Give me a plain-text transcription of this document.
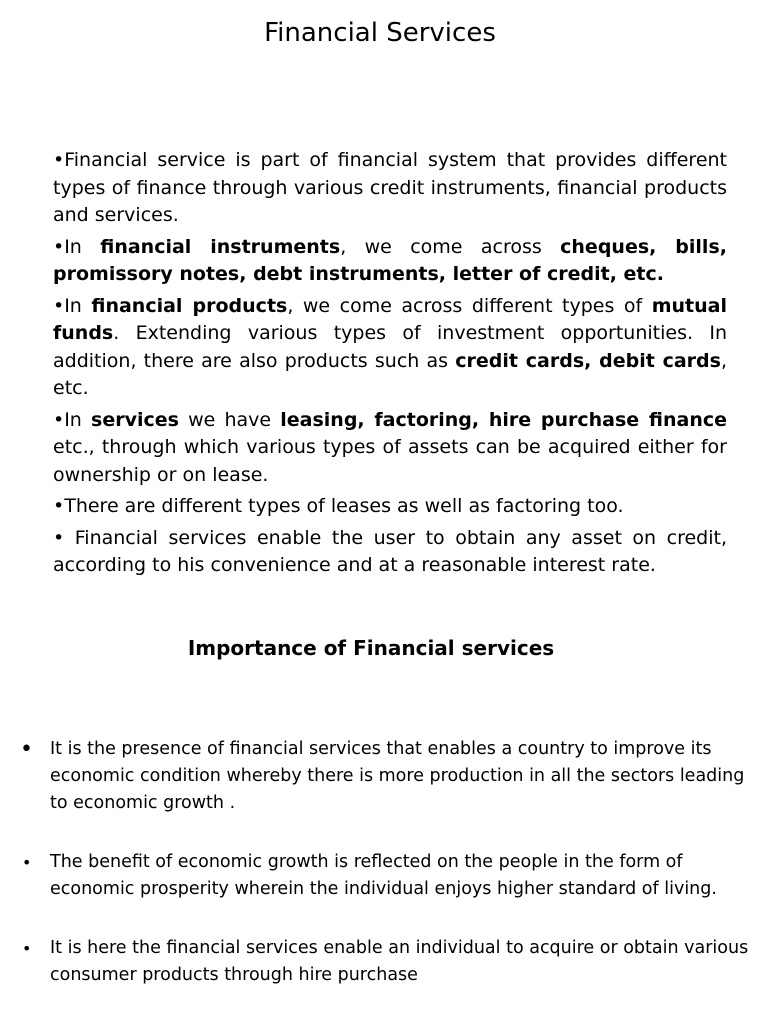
Financial Services

•Financial service is part of financial system that provides different types of finance through various credit instruments, financial products and services.

•In financial instruments, we come across cheques, bills, promissory notes, debt instruments, letter of credit, etc.

•In financial products, we come across different types of mutual funds. Extending various types of investment opportunities. In addition, there are also products such as credit cards, debit cards, etc.

•In services we have leasing, factoring, hire purchase finance etc., through which various types of assets can be acquired either for ownership or on lease.

•There are different types of leases as well as factoring too.

• Financial services enable the user to obtain any asset on credit, according to his convenience and at a reasonable interest rate.

Importance of Financial services
• It is the presence of financial services that enables a country to improve its economic condition whereby there is more production in all the sectors leading to economic growth .
• The benefit of economic growth is reflected on the people in the form of economic prosperity wherein the individual enjoys higher standard of living.
• It is here the financial services enable an individual to acquire or obtain various consumer products through hire purchase
